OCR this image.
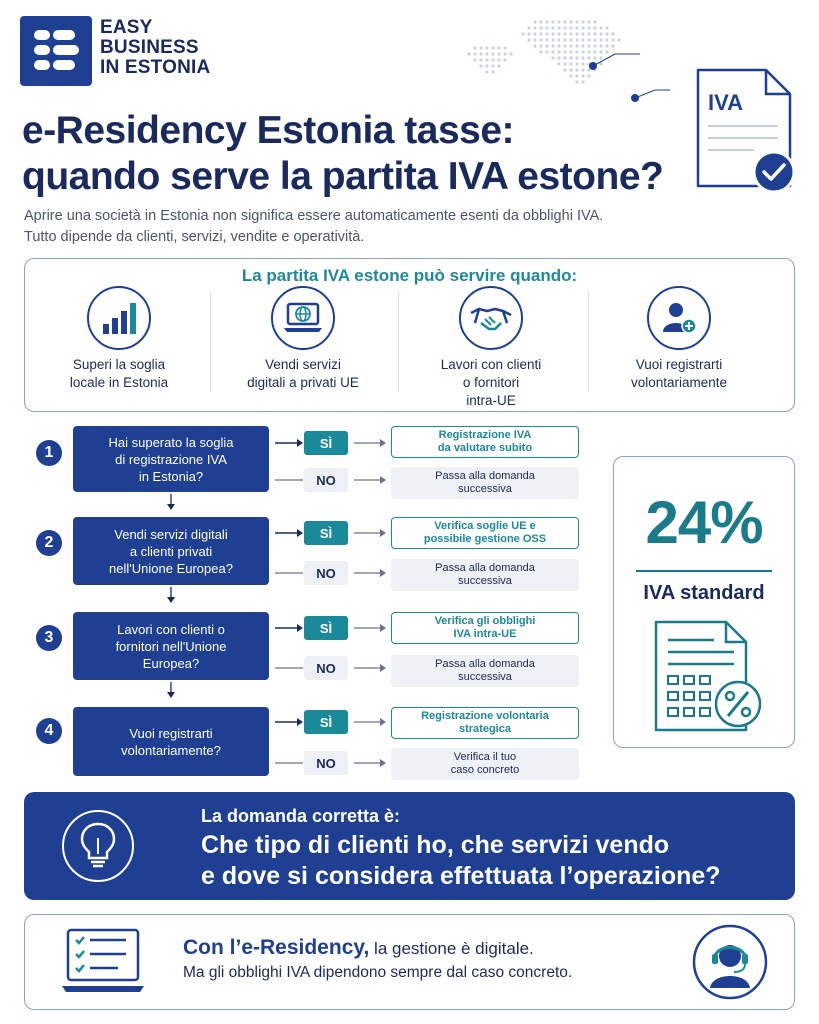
EASY
BUSINESS
IN ESTONIA
e-Residency Estonia tasse:
quando serve la partita IVA estone?
IVA
Aprire una società in Estonia non significa essere automaticamente esenti da obblighi IVA.
Tutto dipende da clienti, servizi, vendite e operatività.
La partita IVA estone può servire quando:
Superi la soglia
locale in Estonia
Vendi servizi
digitali a privati UE
Lavori con clienti
o fornitori
intra-UE
Vuoi registrarti
volontariamente
1
Hai superato la soglia
di registrazione IVA
in Estonia?
SÌ
Registrazione IVA
da valutare subito
NO	Passa alla domanda
successiva
2	Vendi servizi digitali
a clienti privati
nell'Unione Europea?
SÌ	Verifica soglie UE e
possibile gestione OSS
NO	Passa alla domanda
successiva
3	Lavori con clienti o
fornitori nell'Unione
Europea?
SÌ	Verifica gli obblighi
IVA intra-UE
NO	Passa alla domanda
successiva
4	Vuoi registrarti
volontariamente?
SÌ	Registrazione volontaria
strategica
NO	Verifica il tuo
caso concreto
24%
IVA standard
La domanda corretta è:
Che tipo di clienti ho, che servizi vendo
e dove si considera effettuata l’operazione?
Con l’e-Residency, la gestione è digitale.
Ma gli obblighi IVA dipendono sempre dal caso concreto.
